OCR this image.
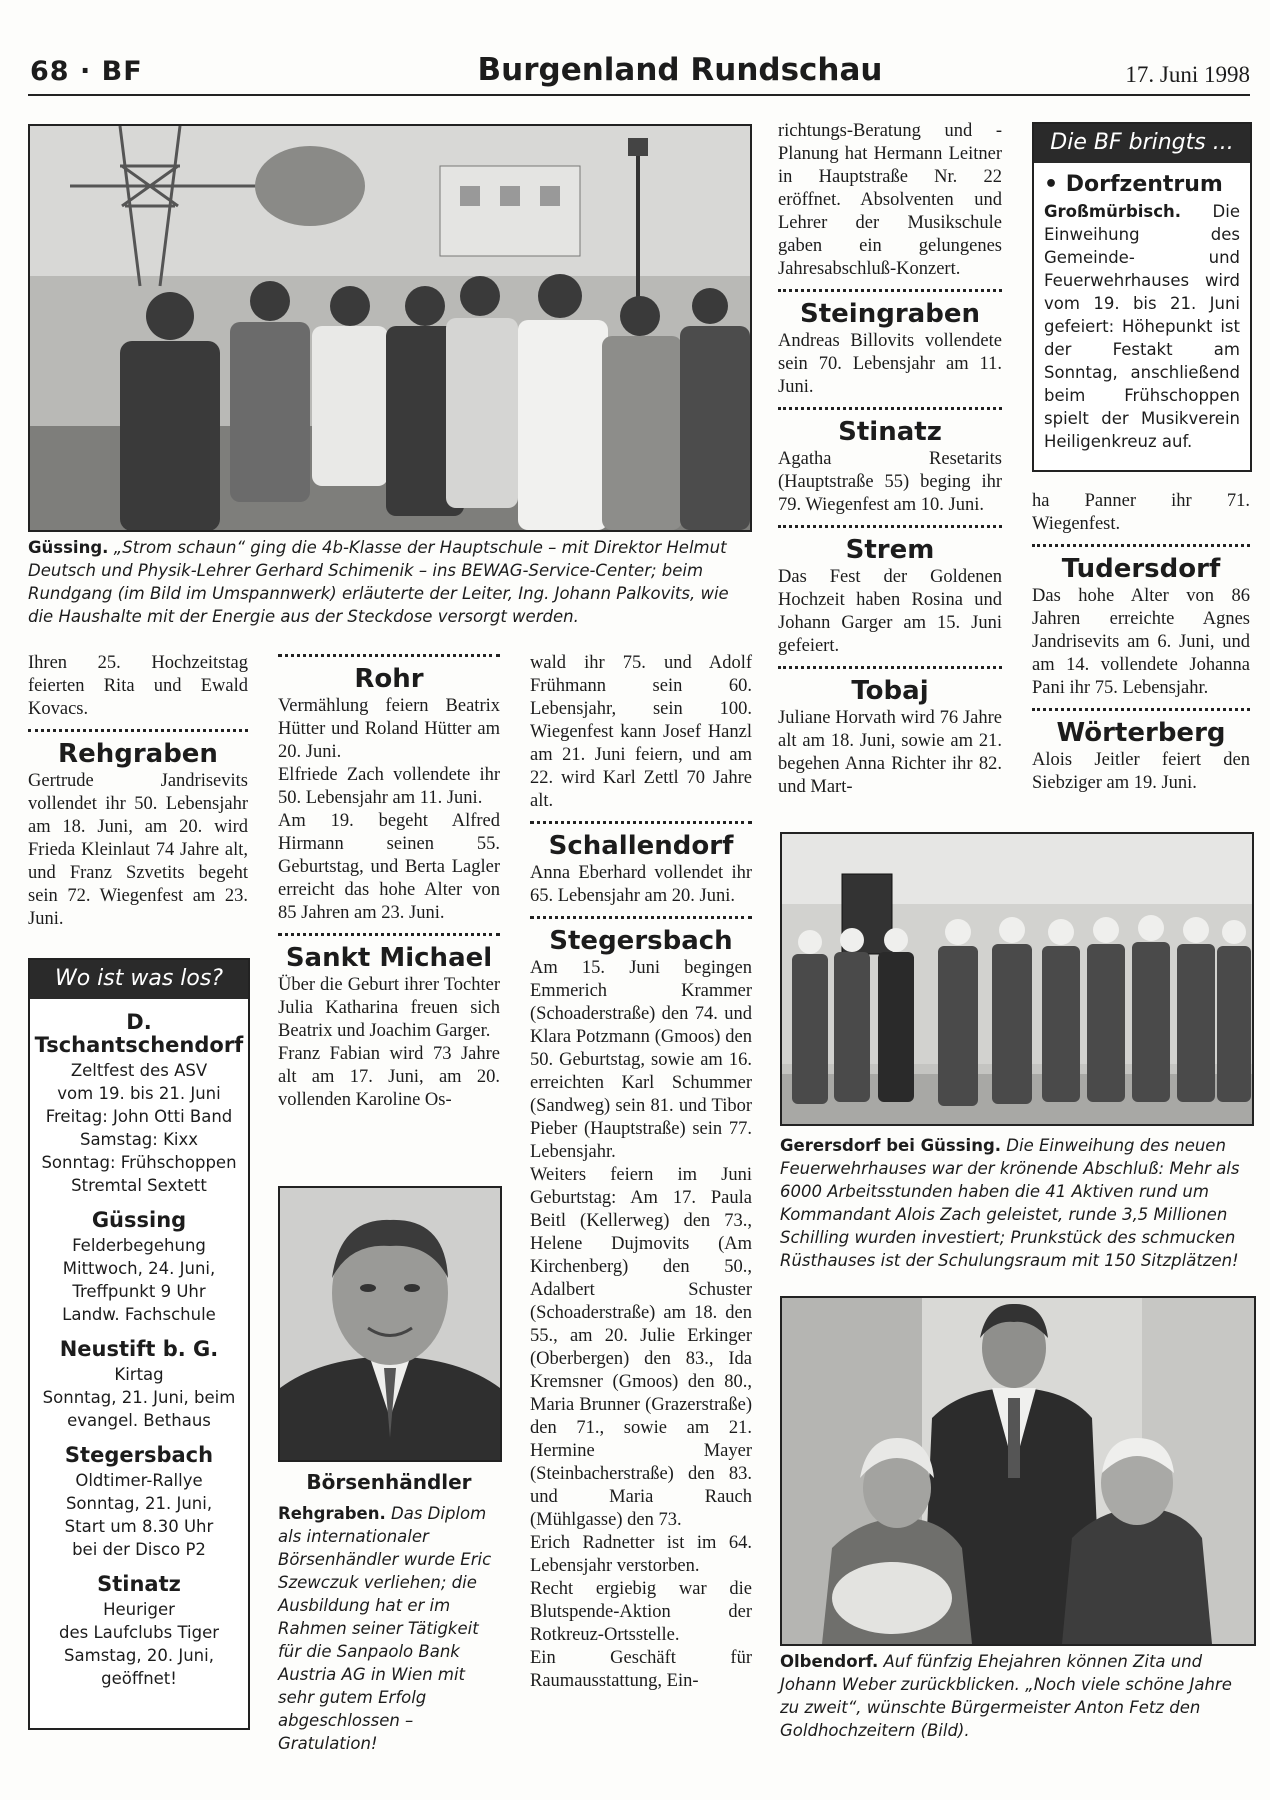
68 · BF	Burgenland Rundschau	17. Juni 1998
Güssing. „Strom schaun“ ging die 4b-Klasse der Hauptschule – mit Direktor Helmut Deutsch und Physik-Lehrer Gerhard Schimenik – ins BEWAG-Service-Center; beim Rundgang (im Bild im Umspannwerk) erläuterte der Leiter, Ing. Johann Palkovits, wie die Haushalte mit der Energie aus der Steckdose versorgt werden.

Ihren 25. Hochzeitstag feierten Rita und Ewald Kovacs.

Rehgraben

Gertrude Jandrisevits vollendet ihr 50. Lebensjahr am 18. Juni, am 20. wird Frieda Kleinlaut 74 Jahre alt, und Franz Szvetits begeht sein 72. Wiegenfest am 23. Juni.

Wo ist was los?
D. Tschantschendorf
Zeltfest des ASV
vom 19. bis 21. Juni
Freitag: John Otti Band
Samstag: Kixx
Sonntag: Frühschoppen
Stremtal Sextett
Güssing
Felderbegehung
Mittwoch, 24. Juni,
Treffpunkt 9 Uhr
Landw. Fachschule
Neustift b. G.
Kirtag
Sonntag, 21. Juni, beim
evangel. Bethaus
Stegersbach
Oldtimer-Rallye
Sonntag, 21. Juni,
Start um 8.30 Uhr
bei der Disco P2
Stinatz
Heuriger
des Laufclubs Tiger
Samstag, 20. Juni,
geöffnet!
Rohr

Vermählung feiern Beatrix Hütter und Roland Hütter am 20. Juni.

Elfriede Zach vollendete ihr 50. Lebensjahr am 11. Juni.

Am 19. begeht Alfred Hirmann seinen 55. Geburtstag, und Berta Lagler erreicht das hohe Alter von 85 Jahren am 23. Juni.

Sankt Michael

Über die Geburt ihrer Tochter Julia Katharina freuen sich Beatrix und Joachim Garger.

Franz Fabian wird 73 Jahre alt am 17. Juni, am 20. vollenden Karoline Os-

Börsenhändler
Rehgraben. Das Diplom als internationaler Börsenhändler wurde Eric Szewczuk verliehen; die Ausbildung hat er im Rahmen seiner Tätigkeit für die Sanpaolo Bank Austria AG in Wien mit sehr gutem Erfolg abgeschlossen – Gratulation!

wald ihr 75. und Adolf Frühmann sein 60. Lebensjahr, sein 100. Wiegenfest kann Josef Hanzl am 21. Juni feiern, und am 22. wird Karl Zettl 70 Jahre alt.

Schallendorf

Anna Eberhard vollendet ihr 65. Lebensjahr am 20. Juni.

Stegersbach

Am 15. Juni begingen Emmerich Krammer (Schoaderstraße) den 74. und Klara Potzmann (Gmoos) den 50. Geburtstag, sowie am 16. erreichten Karl Schummer (Sandweg) sein 81. und Tibor Pieber (Hauptstraße) sein 77. Lebensjahr.

Weiters feiern im Juni Geburtstag: Am 17. Paula Beitl (Kellerweg) den 73., Helene Dujmovits (Am Kirchenberg) den 50., Adalbert Schuster (Schoaderstraße) am 18. den 55., am 20. Julie Erkinger (Oberbergen) den 83., Ida Kremsner (Gmoos) den 80., Maria Brunner (Grazerstraße) den 71., sowie am 21. Hermine Mayer (Steinbacherstraße) den 83. und Maria Rauch (Mühlgasse) den 73.

Erich Radnetter ist im 64. Lebensjahr verstorben.

Recht ergiebig war die Blutspende-Aktion der Rotkreuz-Ortsstelle.

Ein Geschäft für Raumausstattung, Ein-

richtungs-Beratung und -Planung hat Hermann Leitner in Hauptstraße Nr. 22 eröffnet. Absolventen und Lehrer der Musikschule gaben ein gelungenes Jahresabschluß-Konzert.

Steingraben

Andreas Billovits vollendete sein 70. Lebensjahr am 11. Juni.

Stinatz

Agatha Resetarits (Hauptstraße 55) beging ihr 79. Wiegenfest am 10. Juni.

Strem

Das Fest der Goldenen Hochzeit haben Rosina und Johann Garger am 15. Juni gefeiert.

Tobaj

Juliane Horvath wird 76 Jahre alt am 18. Juni, sowie am 21. begehen Anna Richter ihr 82. und Mart-

Die BF bringts ...
• Dorfzentrum
Großmürbisch. Die Einweihung des Gemeinde- und Feuerwehrhauses wird vom 19. bis 21. Juni gefeiert: Höhepunkt ist der Festakt am Sonntag, anschließend beim Frühschoppen spielt der Musikverein Heiligenkreuz auf.

ha Panner ihr 71. Wiegenfest.

Tudersdorf

Das hohe Alter von 86 Jahren erreichte Agnes Jandrisevits am 6. Juni, und am 14. vollendete Johanna Pani ihr 75. Lebensjahr.

Wörterberg

Alois Jeitler feiert den Siebziger am 19. Juni.

Gerersdorf bei Güssing. Die Einweihung des neuen Feuerwehrhauses war der krönende Abschluß: Mehr als 6000 Arbeitsstunden haben die 41 Aktiven rund um Kommandant Alois Zach geleistet, runde 3,5 Millionen Schilling wurden investiert; Prunkstück des schmucken Rüsthauses ist der Schulungsraum mit 150 Sitzplätzen!
Olbendorf. Auf fünfzig Ehejahren können Zita und Johann Weber zurückblicken. „Noch viele schöne Jahre zu zweit“, wünschte Bürgermeister Anton Fetz den Goldhochzeitern (Bild).
